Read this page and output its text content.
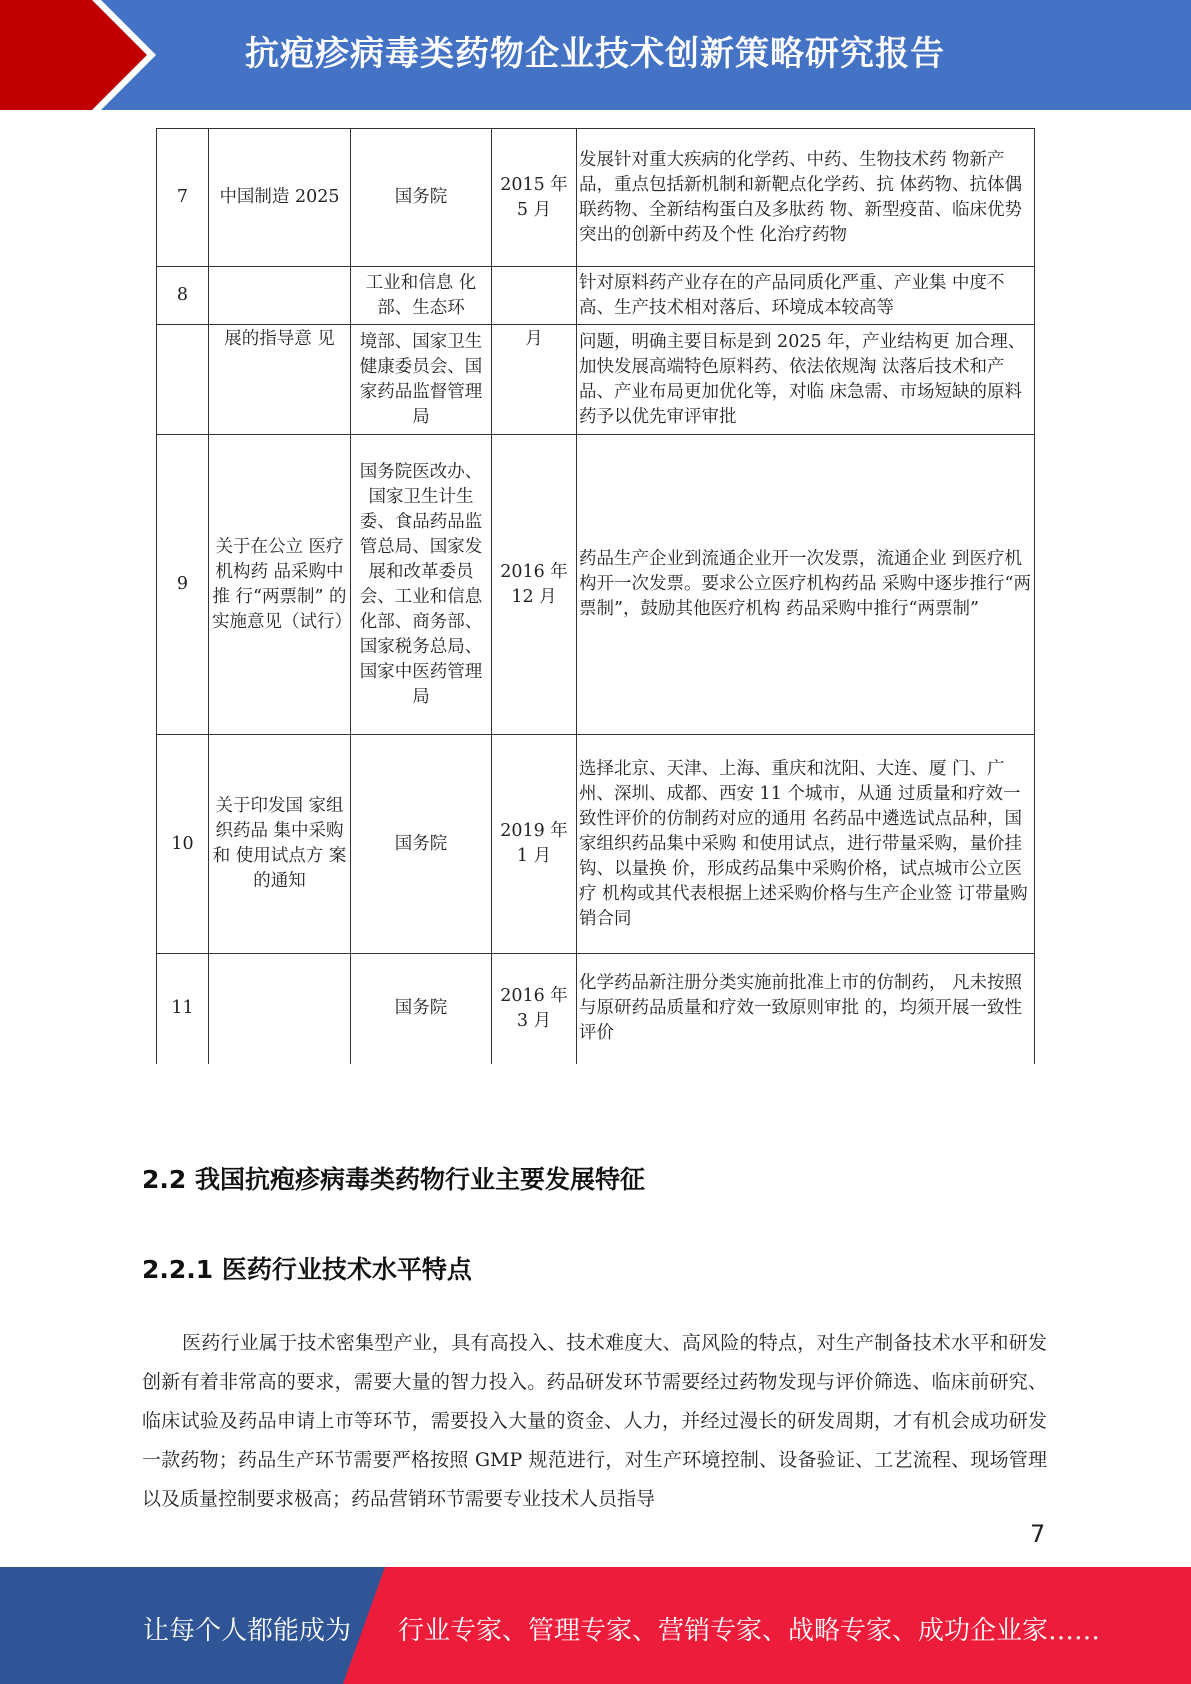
抗疱疹病毒类药物企业技术创新策略研究报告
7	中国制造 2025	国务院	2015 年 5 月	发展针对重大疾病的化学药、中药、生物技术药 物新产品，重点包括新机制和新靶点化学药、抗 体药物、抗体偶联药物、全新结构蛋白及多肽药 物、新型疫苗、临床优势突出的创新中药及个性 化治疗药物
8		工业和信息 化部、生态环		针对原料药产业存在的产品同质化严重、产业集 中度不高、生产技术相对落后、环境成本较高等
	展的指导意 见	境部、国家卫生健康委员会、国家药品监督管理局	月	问题，明确主要目标是到 2025 年，产业结构更 加合理、加快发展高端特色原料药、依法依规淘 汰落后技术和产品、产业布局更加优化等，对临 床急需、市场短缺的原料药予以优先审评审批
9	关于在公立 医疗机构药 品采购中推 行“两票制” 的实施意见（试行）	国务院医改办、国家卫生计生委、食品药品监管总局、国家发展和改革委员会、工业和信息化部、商务部、国家税务总局、国家中医药管理局	2016 年 12 月	药品生产企业到流通企业开一次发票，流通企业 到医疗机构开一次发票。要求公立医疗机构药品 采购中逐步推行“两票制”，鼓励其他医疗机构 药品采购中推行“两票制”
10	关于印发国 家组织药品 集中采购和 使用试点方 案的通知	国务院	2019 年 1 月	选择北京、天津、上海、重庆和沈阳、大连、厦 门、广州、深圳、成都、西安 11 个城市，从通 过质量和疗效一致性评价的仿制药对应的通用 名药品中遴选试点品种，国家组织药品集中采购 和使用试点，进行带量采购，量价挂钩、以量换 价，形成药品集中采购价格，试点城市公立医疗 机构或其代表根据上述采购价格与生产企业签 订带量购销合同
11		国务院	2016 年 3 月	化学药品新注册分类实施前批准上市的仿制药， 凡未按照与原研药品质量和疗效一致原则审批 的，均须开展一致性评价
2.2 我国抗疱疹病毒类药物行业主要发展特征
2.2.1 医药行业技术水平特点

医药行业属于技术密集型产业，具有高投入、技术难度大、高风险的特点，对生产制备技术水平和研发创新有着非常高的要求，需要大量的智力投入。药品研发环节需要经过药物发现与评价筛选、临床前研究、临床试验及药品申请上市等环节，需要投入大量的资金、人力，并经过漫长的研发周期，才有机会成功研发一款药物；药品生产环节需要严格按照 GMP 规范进行，对生产环境控制、设备验证、工艺流程、现场管理以及质量控制要求极高；药品营销环节需要专业技术人员指导

7
让每个人都能成为 行业专家、管理专家、营销专家、战略专家、成功企业家……
